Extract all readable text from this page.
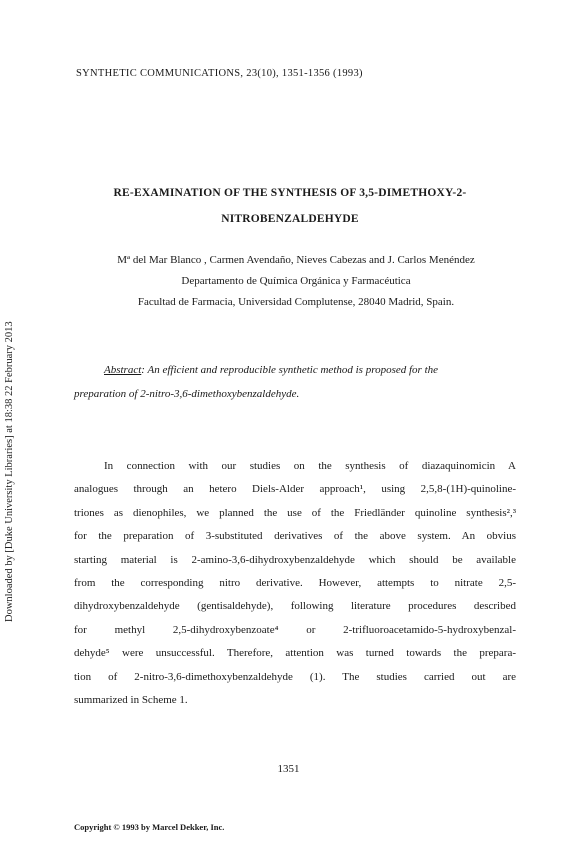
SYNTHETIC COMMUNICATIONS, 23(10), 1351-1356 (1993)
Downloaded by [Duke University Libraries] at 18:38 22 February 2013
RE-EXAMINATION OF THE SYNTHESIS OF 3,5-DIMETHOXY-2-
NITROBENZALDEHYDE
Mª del Mar Blanco , Carmen Avendaño, Nieves Cabezas and J. Carlos Menéndez
Departamento de Química Orgánica y Farmacéutica
Facultad de Farmacia, Universidad Complutense, 28040 Madrid, Spain.
Abstract: An efficient and reproducible synthetic method is proposed for the
preparation of 2-nitro-3,6-dimethoxybenzaldehyde.
In connection with our studies on the synthesis of diazaquinomicin A
analogues through an hetero Diels-Alder approach¹, using 2,5,8-(1H)-quinoline-
triones as dienophiles, we planned the use of the Friedländer quinoline synthesis²,³
for the preparation of 3-substituted derivatives of the above system. An obvius
starting material is 2-amino-3,6-dihydroxybenzaldehyde which should be available
from the corresponding nitro derivative. However, attempts to nitrate 2,5-
dihydroxybenzaldehyde (gentisaldehyde), following literature procedures described
for methyl 2,5-dihydroxybenzoate⁴ or 2-trifluoroacetamido-5-hydroxybenzal-
dehyde⁵ were unsuccessful. Therefore, attention was turned towards the prepara-
tion of 2-nitro-3,6-dimethoxybenzaldehyde (1). The studies carried out are
summarized in Scheme 1.
1351
Copyright © 1993 by Marcel Dekker, Inc.
